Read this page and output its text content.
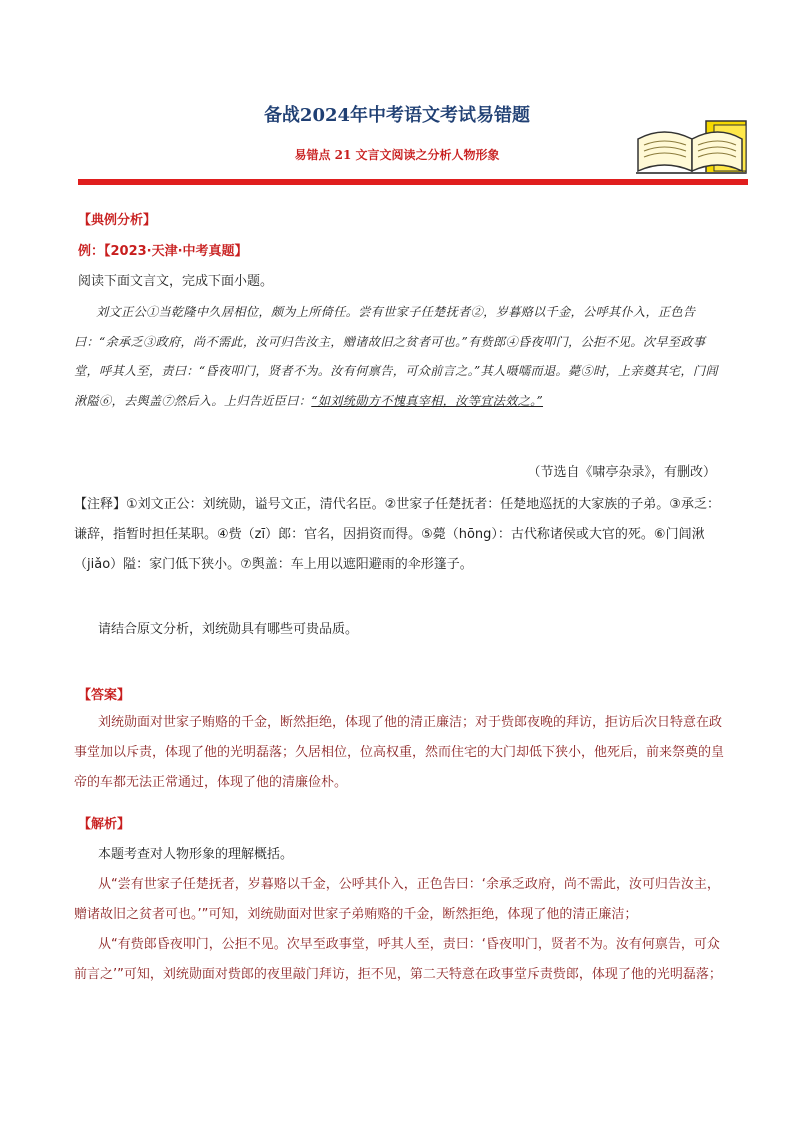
备战2024年中考语文考试易错题
易错点 21 文言文阅读之分析人物形象
【典例分析】
例：【2023·天津·中考真题】
阅读下面文言文，完成下面小题。
刘文正公①当乾隆中久居相位，颇为上所倚任。尝有世家子任楚抚者②，岁暮赂以千金，公呼其仆入，正色告曰：“余承乏③政府，尚不需此，汝可归告汝主，赠诸故旧之贫者可也。”有赀郎④昏夜叩门，公拒不见。次早至政事堂，呼其人至，责曰：“昏夜叩门，贤者不为。汝有何禀告，可众前言之。”其人嗫嚅而退。薨⑤时，上亲奠其宅，门闾湫隘⑥，去舆盖⑦然后入。上归告近臣曰：“如刘统勋方不愧真宰相，汝等宜法效之。”
（节选自《啸亭杂录》，有删改）
【注释】①刘文正公：刘统勋，谥号文正，清代名臣。②世家子任楚抚者：任楚地巡抚的大家族的子弟。③承乏：谦辞，指暂时担任某职。④赀（zī）郎：官名，因捐资而得。⑤薨（hōng）：古代称诸侯或大官的死。⑥门闾湫（jiǎo）隘：家门低下狭小。⑦舆盖：车上用以遮阳避雨的伞形篷子。
请结合原文分析，刘统勋具有哪些可贵品质。
【答案】
刘统勋面对世家子贿赂的千金，断然拒绝，体现了他的清正廉洁；对于赀郎夜晚的拜访，拒访后次日特意在政事堂加以斥责，体现了他的光明磊落；久居相位，位高权重，然而住宅的大门却低下狭小，他死后，前来祭奠的皇帝的车都无法正常通过，体现了他的清廉俭朴。
【解析】
本题考查对人物形象的理解概括。
从“尝有世家子任楚抚者，岁暮赂以千金，公呼其仆入，正色告曰：‘余承乏政府，尚不需此，汝可归告汝主，赠诸故旧之贫者可也。’”可知，刘统勋面对世家子弟贿赂的千金，断然拒绝，体现了他的清正廉洁；
从“有赀郎昏夜叩门，公拒不见。次早至政事堂，呼其人至，责曰：‘昏夜叩门，贤者不为。汝有何禀告，可众前言之’”可知，刘统勋面对赀郎的夜里敲门拜访，拒不见，第二天特意在政事堂斥责赀郎，体现了他的光明磊落；
